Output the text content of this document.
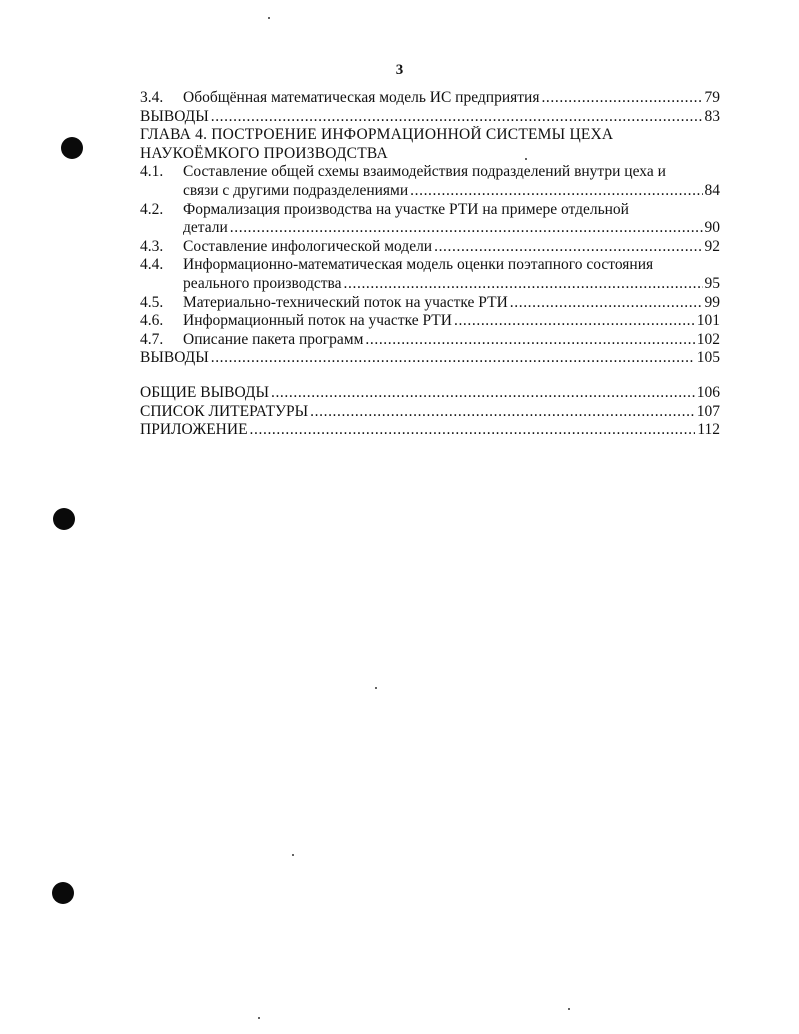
3
3.4. Обобщённая математическая модель ИС предприятия .....	79
ВЫВОДЫ .....	83
ГЛАВА 4. ПОСТРОЕНИЕ ИНФОРМАЦИОННОЙ СИСТЕМЫ ЦЕХА
НАУКОЁМКОГО ПРОИЗВОДСТВА
4.1. Составление общей схемы взаимодействия подразделений внутри цеха и
связи с другими подразделениями .....	84
4.2. Формализация производства на участке РТИ на примере отдельной
детали .....	90
4.3. Составление инфологической модели .....	92
4.4. Информационно-математическая модель оценки поэтапного состояния
реального производства .....	95
4.5. Материально-технический поток на участке РТИ .....	99
4.6. Информационный поток на участке РТИ .....	101
4.7. Описание пакета программ .....	102
ВЫВОДЫ .....	105
ОБЩИЕ ВЫВОДЫ .....	106
СПИСОК ЛИТЕРАТУРЫ .....	107
ПРИЛОЖЕНИЕ .....	112
